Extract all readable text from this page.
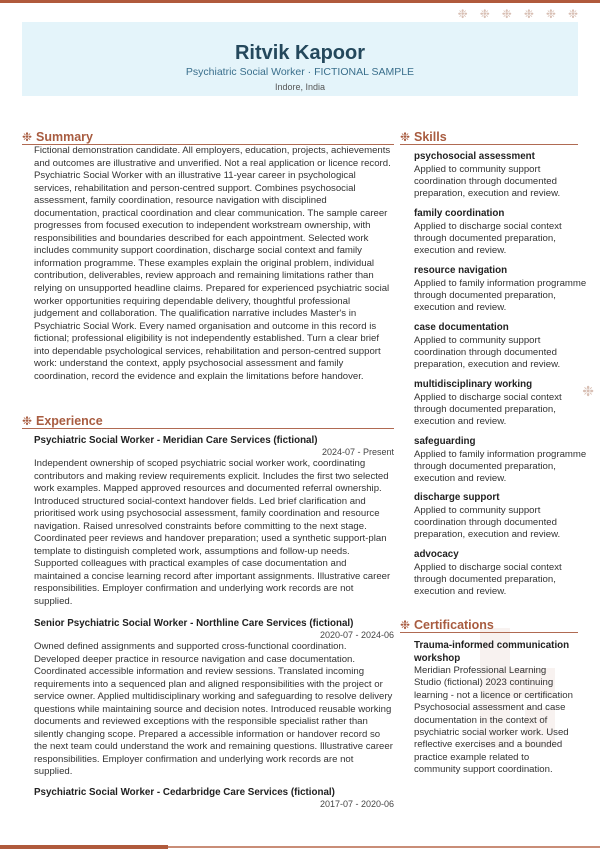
❉❉❉❉❉❉
❉
Ritvik Kapoor
Psychiatric Social Worker · FICTIONAL SAMPLE
Indore, India
❉ Summary
Fictional demonstration candidate. All employers, education, projects, achievements and outcomes are illustrative and unverified. Not a real application or licence record. Psychiatric Social Worker with an illustrative 11-year career in psychological services, rehabilitation and person-centred support. Combines psychosocial assessment, family coordination, resource navigation with disciplined documentation, practical coordination and clear communication. The sample career progresses from focused execution to independent workstream ownership, with responsibilities and boundaries described for each appointment. Selected work includes community support coordination, discharge social context and family information programme. These examples explain the original problem, individual contribution, deliverables, review approach and remaining limitations rather than relying on unsupported headline claims. Prepared for experienced psychiatric social worker opportunities requiring dependable delivery, thoughtful professional judgement and collaboration. The qualification narrative includes Master's in Psychiatric Social Work. Every named organisation and outcome in this record is fictional; professional eligibility is not independently established. Turn a clear brief into dependable psychological services, rehabilitation and person-centred support work: understand the context, apply psychosocial assessment and family coordination, record the evidence and explain the limitations before handover.
❉ Experience
Psychiatric Social Worker - Meridian Care Services (fictional)
2024-07 - Present
Independent ownership of scoped psychiatric social worker work, coordinating contributors and making review requirements explicit. Includes the first two selected work examples. Mapped approved resources and documented referral ownership. Introduced structured social-context handover fields. Led brief clarification and prioritised work using psychosocial assessment, family coordination and resource navigation. Raised unresolved constraints before committing to the next stage. Coordinated peer reviews and handover preparation; used a synthetic support-plan template to distinguish completed work, assumptions and follow-up needs. Supported colleagues with practical examples of case documentation and maintained a concise learning record after important assignments. Illustrative career responsibilities. Employer confirmation and underlying work records are not supplied.
Senior Psychiatric Social Worker - Northline Care Services (fictional)
2020-07 - 2024-06
Owned defined assignments and supported cross-functional coordination. Developed deeper practice in resource navigation and case documentation. Coordinated accessible information and review sessions. Translated incoming requirements into a sequenced plan and aligned responsibilities with the project or service owner. Applied multidisciplinary working and safeguarding to resolve delivery questions while maintaining source and decision notes. Introduced reusable working documents and reviewed exceptions with the responsible specialist rather than silently changing scope. Prepared a accessible information or handover record so the next team could understand the work and remaining questions. Illustrative career responsibilities. Employer confirmation and underlying work records are not supplied.
Psychiatric Social Worker - Cedarbridge Care Services (fictional)
2017-07 - 2020-06
❉ Skills
psychosocial assessment
Applied to community support coordination through documented preparation, execution and review.
family coordination
Applied to discharge social context through documented preparation, execution and review.
resource navigation
Applied to family information programme through documented preparation, execution and review.
case documentation
Applied to community support coordination through documented preparation, execution and review.
multidisciplinary working
Applied to discharge social context through documented preparation, execution and review.
safeguarding
Applied to family information programme through documented preparation, execution and review.
discharge support
Applied to community support coordination through documented preparation, execution and review.
advocacy
Applied to discharge social context through documented preparation, execution and review.
❉ Certifications
Trauma-informed communication workshop
Meridian Professional Learning Studio (fictional) 2023 continuing learning - not a licence or certification Psychosocial assessment and case documentation in the context of psychiatric social worker work. Used reflective exercises and a bounded practice example related to community support coordination.
